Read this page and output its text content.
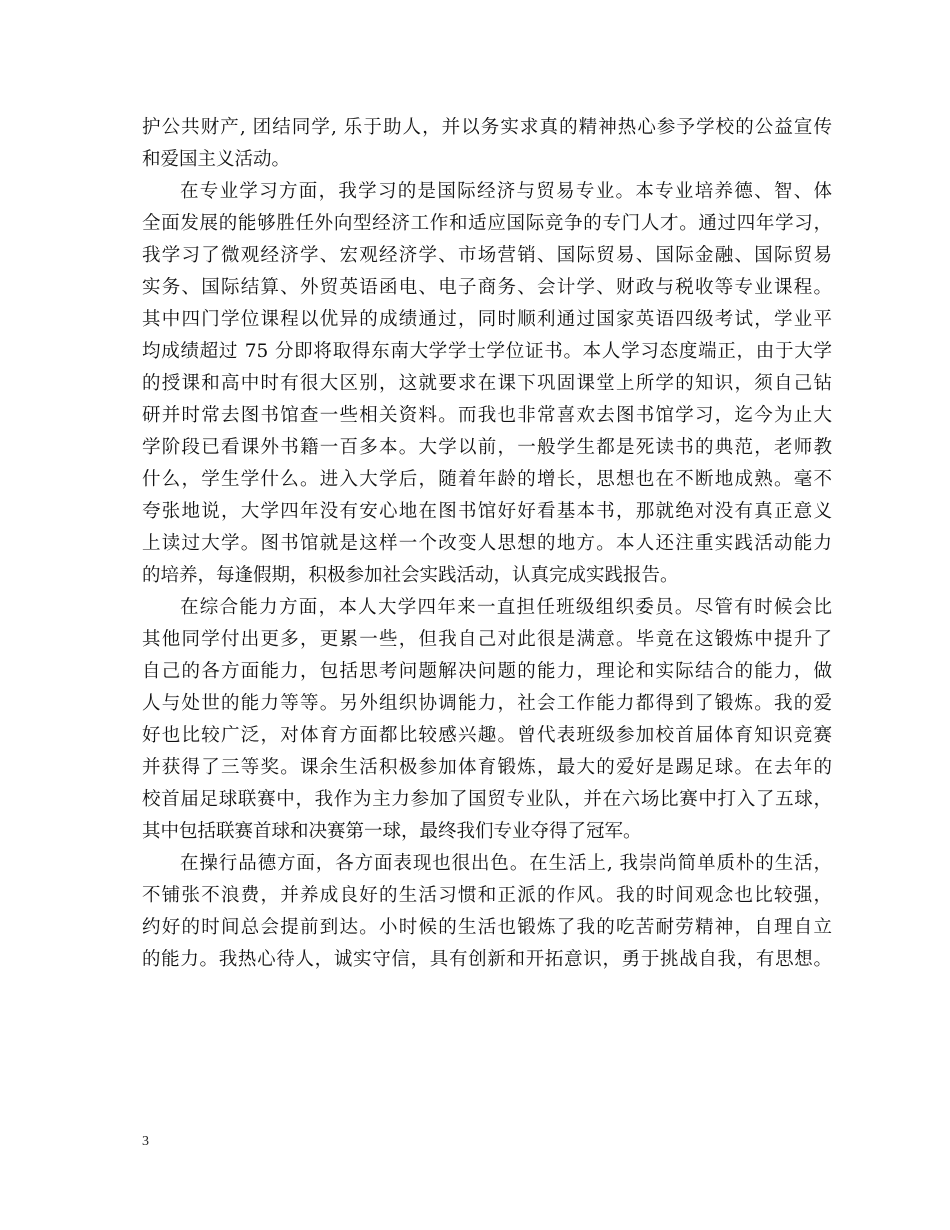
护公共财产, 团结同学, 乐于助人，并以务实求真的精神热心参予学校的公益宣传
和爱国主义活动。
在专业学习方面，我学习的是国际经济与贸易专业。本专业培养德、智、体
全面发展的能够胜任外向型经济工作和适应国际竞争的专门人才。通过四年学习，
我学习了微观经济学、宏观经济学、市场营销、国际贸易、国际金融、国际贸易
实务、国际结算、外贸英语函电、电子商务、会计学、财政与税收等专业课程。
其中四门学位课程以优异的成绩通过，同时顺利通过国家英语四级考试，学业平
均成绩超过 75 分即将取得东南大学学士学位证书。本人学习态度端正，由于大学
的授课和高中时有很大区别，这就要求在课下巩固课堂上所学的知识，须自己钻
研并时常去图书馆查一些相关资料。而我也非常喜欢去图书馆学习，迄今为止大
学阶段已看课外书籍一百多本。大学以前，一般学生都是死读书的典范，老师教
什么，学生学什么。进入大学后，随着年龄的增长，思想也在不断地成熟。毫不
夸张地说，大学四年没有安心地在图书馆好好看基本书，那就绝对没有真正意义
上读过大学。图书馆就是这样一个改变人思想的地方。本人还注重实践活动能力
的培养，每逢假期，积极参加社会实践活动，认真完成实践报告。
在综合能力方面，本人大学四年来一直担任班级组织委员。尽管有时候会比
其他同学付出更多，更累一些，但我自己对此很是满意。毕竟在这锻炼中提升了
自己的各方面能力，包括思考问题解决问题的能力，理论和实际结合的能力，做
人与处世的能力等等。另外组织协调能力，社会工作能力都得到了锻炼。我的爱
好也比较广泛，对体育方面都比较感兴趣。曾代表班级参加校首届体育知识竞赛
并获得了三等奖。课余生活积极参加体育锻炼，最大的爱好是踢足球。在去年的
校首届足球联赛中，我作为主力参加了国贸专业队，并在六场比赛中打入了五球，
其中包括联赛首球和决赛第一球，最终我们专业夺得了冠军。
在操行品德方面，各方面表现也很出色。在生活上, 我崇尚简单质朴的生活，
不铺张不浪费，并养成良好的生活习惯和正派的作风。我的时间观念也比较强，
约好的时间总会提前到达。小时候的生活也锻炼了我的吃苦耐劳精神，自理自立
的能力。我热心待人，诚实守信，具有创新和开拓意识，勇于挑战自我，有思想。
3
